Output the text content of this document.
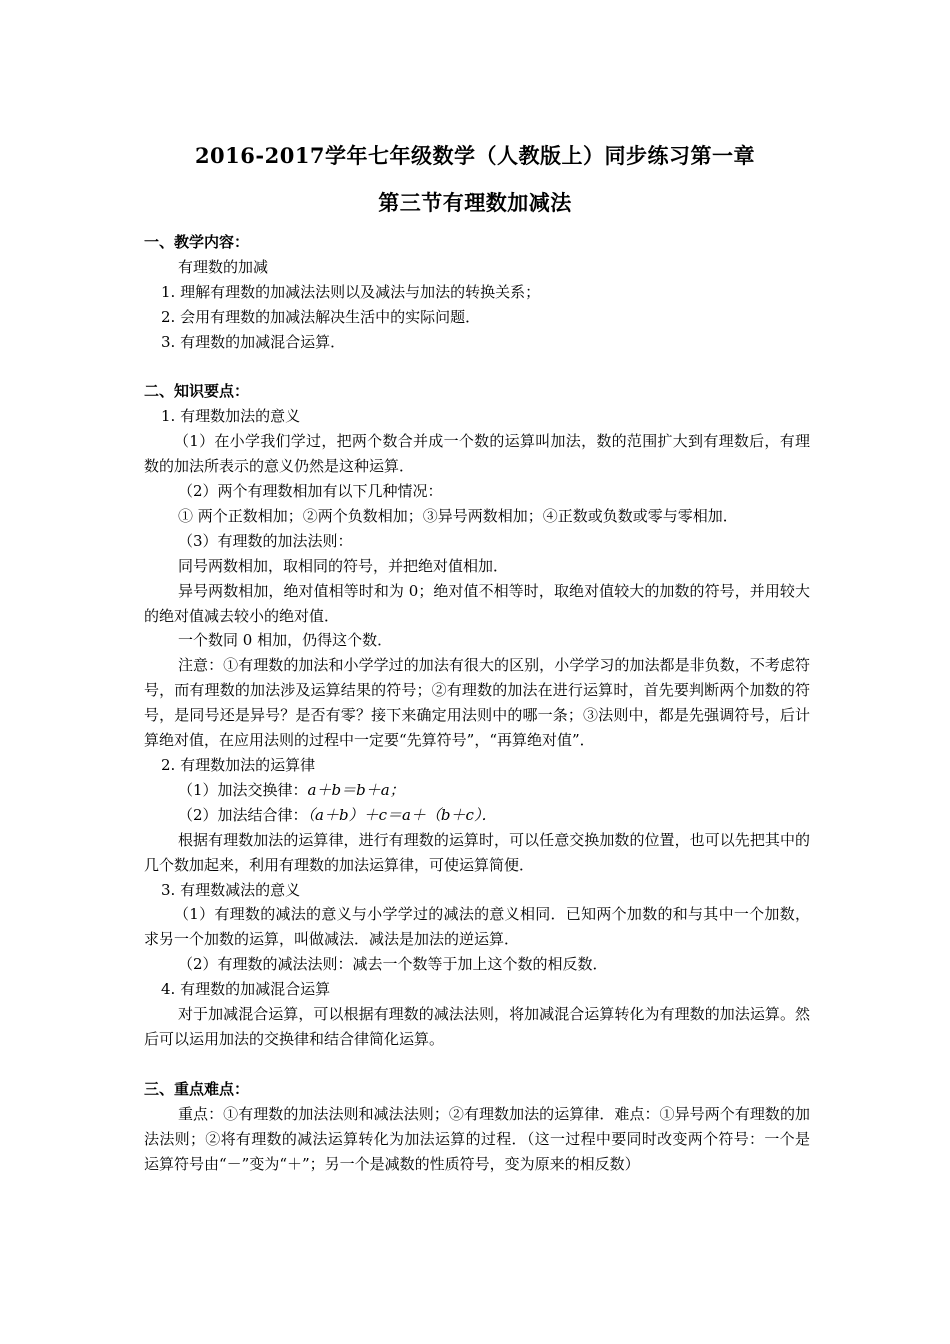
2016-2017学年七年级数学（人教版上）同步练习第一章
第三节有理数加减法
一、教学内容：
有理数的加减
1. 理解有理数的加减法法则以及减法与加法的转换关系；
2. 会用有理数的加减法解决生活中的实际问题．
3. 有理数的加减混合运算．
二、知识要点：
1. 有理数加法的意义
（1）在小学我们学过，把两个数合并成一个数的运算叫加法，数的范围扩大到有理数后，有理数的加法所表示的意义仍然是这种运算．
（2）两个有理数相加有以下几种情况：
① 两个正数相加；②两个负数相加；③异号两数相加；④正数或负数或零与零相加．
（3）有理数的加法法则：
同号两数相加，取相同的符号，并把绝对值相加．
异号两数相加，绝对值相等时和为 0；绝对值不相等时，取绝对值较大的加数的符号，并用较大的绝对值减去较小的绝对值．
一个数同 0 相加，仍得这个数．
注意：①有理数的加法和小学学过的加法有很大的区别，小学学习的加法都是非负数，不考虑符号，而有理数的加法涉及运算结果的符号；②有理数的加法在进行运算时，首先要判断两个加数的符号，是同号还是异号？是否有零？接下来确定用法则中的哪一条；③法则中，都是先强调符号，后计算绝对值，在应用法则的过程中一定要“先算符号”，“再算绝对值”．
2. 有理数加法的运算律
（1）加法交换律：a＋b＝b＋a；
（2）加法结合律：（a＋b）＋c＝a＋（b＋c）．
根据有理数加法的运算律，进行有理数的运算时，可以任意交换加数的位置，也可以先把其中的几个数加起来，利用有理数的加法运算律，可使运算简便．
3. 有理数减法的意义
（1）有理数的减法的意义与小学学过的减法的意义相同．已知两个加数的和与其中一个加数，求另一个加数的运算，叫做减法．减法是加法的逆运算．
（2）有理数的减法法则：减去一个数等于加上这个数的相反数．
4. 有理数的加减混合运算
对于加减混合运算，可以根据有理数的减法法则，将加减混合运算转化为有理数的加法运算。然后可以运用加法的交换律和结合律简化运算。
三、重点难点：
重点：①有理数的加法法则和减法法则；②有理数加法的运算律．难点：①异号两个有理数的加法法则；②将有理数的减法运算转化为加法运算的过程．（这一过程中要同时改变两个符号：一个是运算符号由“－”变为“＋”；另一个是减数的性质符号，变为原来的相反数）
